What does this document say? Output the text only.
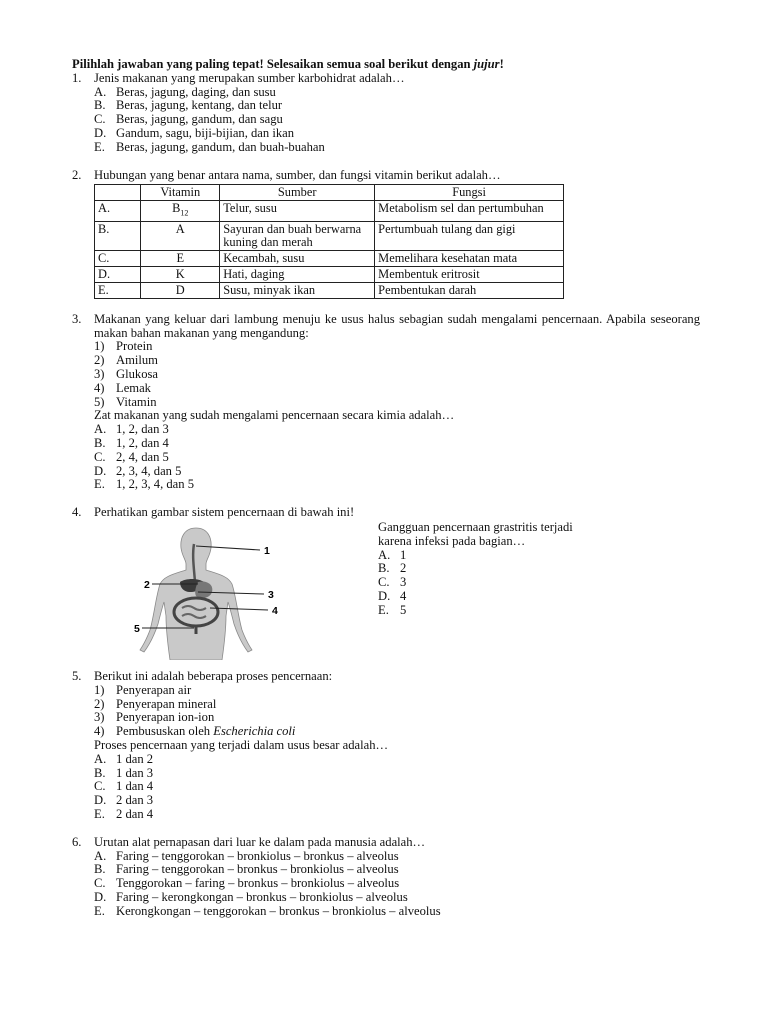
Pilihlah jawaban yang paling tepat! Selesaikan semua soal berikut dengan jujur!
1. Jenis makanan yang merupakan sumber karbohidrat adalah…
A. Beras, jagung, daging, dan susu
B. Beras, jagung, kentang, dan telur
C. Beras, jagung, gandum, dan sagu
D. Gandum, sagu, biji-bijian, dan ikan
E. Beras, jagung, gandum, dan buah-buahan
2. Hubungan yang benar antara nama, sumber, dan fungsi vitamin berikut adalah…
	Vitamin	Sumber	Fungsi
A.	$B_{12}$	Telur, susu	Metabolism sel dan pertumbuhan
B.	A	Sayuran dan buah berwarna kuning dan merah	Pertumbuah tulang dan gigi
C.	E	Kecambah, susu	Memelihara kesehatan mata
D.	K	Hati, daging	Membentuk eritrosit
E.	D	Susu, minyak ikan	Pembentukan darah
3. Makanan yang keluar dari lambung menuju ke usus halus sebagian sudah mengalami pencernaan. Apabila seseorang makan bahan makanan yang mengandung:
1) Protein
2) Amilum
3) Glukosa
4) Lemak
5) Vitamin
Zat makanan yang sudah mengalami pencernaan secara kimia adalah…
A. 1, 2, dan 3
B. 1, 2, dan 4
C. 2, 4, dan 5
D. 2, 3, 4, dan 5
E. 1, 2, 3, 4, dan 5
4. Perhatikan gambar sistem pencernaan di bawah ini!
1
2
3
4
5
Gangguan pencernaan grastritis terjadi karena infeksi pada bagian…
A. 1
B. 2
C. 3
D. 4
E. 5
5. Berikut ini adalah beberapa proses pencernaan:
1) Penyerapan air
2) Penyerapan mineral
3) Penyerapan ion-ion
4) Pembususkan oleh Escherichia coli
Proses pencernaan yang terjadi dalam usus besar adalah…
A. 1 dan 2
B. 1 dan 3
C. 1 dan 4
D. 2 dan 3
E. 2 dan 4
6. Urutan alat pernapasan dari luar ke dalam pada manusia adalah…
A. Faring – tenggorokan – bronkiolus – bronkus – alveolus
B. Faring – tenggorokan – bronkus – bronkiolus – alveolus
C. Tenggorokan – faring – bronkus – bronkiolus – alveolus
D. Faring – kerongkongan – bronkus – bronkiolus – alveolus
E. Kerongkongan – tenggorokan – bronkus – bronkiolus – alveolus
